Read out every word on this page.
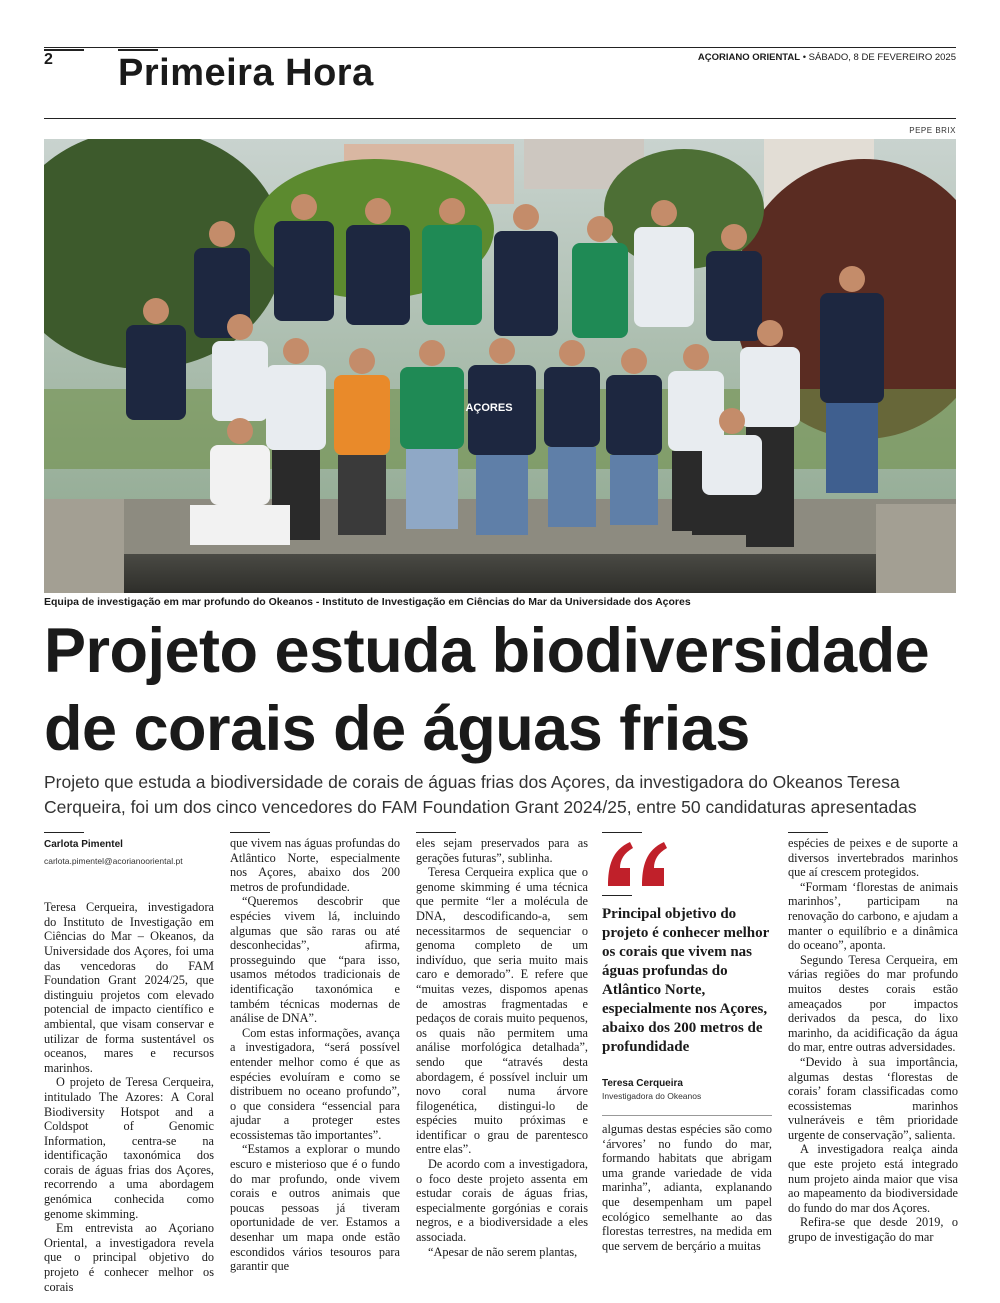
2 Primeira Hora	AÇORIANO ORIENTAL • SÁBADO, 8 DE FEVEREIRO 2025
PEPE BRIX
AÇORES
Equipa de investigação em mar profundo do Okeanos - Instituto de Investigação em Ciências do Mar da Universidade dos Açores
Projeto estuda biodiversidade
de corais de águas frias
Projeto que estuda a biodiversidade de corais de águas frias dos Açores, da investigadora do Okeanos Teresa Cerqueira, foi um dos cinco vencedores do FAM Foundation Grant 2024/25, entre 50 candidaturas apresentadas
Carlota Pimentel
carlota.pimentel@acorianooriental.pt

Teresa Cerqueira, investigadora do Instituto de Investigação em Ciências do Mar – Okeanos, da Universidade dos Açores, foi uma das vencedoras do FAM Foundation Grant 2024/25, que distinguiu projetos com elevado potencial de impacto científico e ambiental, que visam conservar e utilizar de forma sustentável os oceanos, mares e recursos marinhos.

O projeto de Teresa Cerqueira, intitulado The Azores: A Coral Biodiversity Hotspot and a Coldspot of Genomic Information, centra-se na identificação taxonómica dos corais de águas frias dos Açores, recorrendo a uma abordagem genómica conhecida como genome skimming.

Em entrevista ao Açoriano Oriental, a investigadora revela que o principal objetivo do projeto é conhecer melhor os corais

que vivem nas águas profundas do Atlântico Norte, especialmente nos Açores, abaixo dos 200 metros de profundidade.

“Queremos descobrir que espécies vivem lá, incluindo algumas que são raras ou até desconhecidas”, afirma, prosseguindo que “para isso, usamos métodos tradicionais de identificação taxonómica e também técnicas modernas de análise de DNA”.

Com estas informações, avança a investigadora, “será possível entender melhor como é que as espécies evoluíram e como se distribuem no oceano profundo”, o que considera “essencial para ajudar a proteger estes ecossistemas tão importantes”.

“Estamos a explorar o mundo escuro e misterioso que é o fundo do mar profundo, onde vivem corais e outros animais que poucas pessoas já tiveram oportunidade de ver. Estamos a desenhar um mapa onde estão escondidos vários tesouros para garantir que

eles sejam preservados para as gerações futuras”, sublinha.

Teresa Cerqueira explica que o genome skimming é uma técnica que permite “ler a molécula de DNA, descodificando-a, sem necessitarmos de sequenciar o genoma completo de um indivíduo, que seria muito mais caro e demorado”. E refere que “muitas vezes, dispomos apenas de amostras fragmentadas e pedaços de corais muito pequenos, os quais não permitem uma análise morfológica detalhada”, sendo que “através desta abordagem, é possível incluir um novo coral numa árvore filogenética, distingui-lo de espécies muito próximas e identificar o grau de parentesco entre elas”.

De acordo com a investigadora, o foco deste projeto assenta em estudar corais de águas frias, especialmente gorgónias e corais negros, e a biodiversidade a eles associada.

“Apesar de não serem plantas,

Principal objetivo do projeto é conhecer melhor os corais que vivem nas águas profundas do Atlântico Norte, especialmente nos Açores, abaixo dos 200 metros de profundidade
Teresa Cerqueira
Investigadora do Okeanos

algumas destas espécies são como ‘árvores’ no fundo do mar, formando habitats que abrigam uma grande variedade de vida marinha”, adianta, explanando que desempenham um papel ecológico semelhante ao das florestas terrestres, na medida em que servem de berçário a muitas

espécies de peixes e de suporte a diversos invertebrados marinhos que aí crescem protegidos.

“Formam ‘florestas de animais marinhos’, participam na renovação do carbono, e ajudam a manter o equilíbrio e a dinâmica do oceano”, aponta.

Segundo Teresa Cerqueira, em várias regiões do mar profundo muitos destes corais estão ameaçados por impactos derivados da pesca, do lixo marinho, da acidificação da água do mar, entre outras adversidades.

“Devido à sua importância, algumas destas ‘florestas de corais’ foram classificadas como ecossistemas marinhos vulneráveis e têm prioridade urgente de conservação”, salienta.

A investigadora realça ainda que este projeto está integrado num projeto ainda maior que visa ao mapeamento da biodiversidade do fundo do mar dos Açores.

Refira-se que desde 2019, o grupo de investigação do mar
